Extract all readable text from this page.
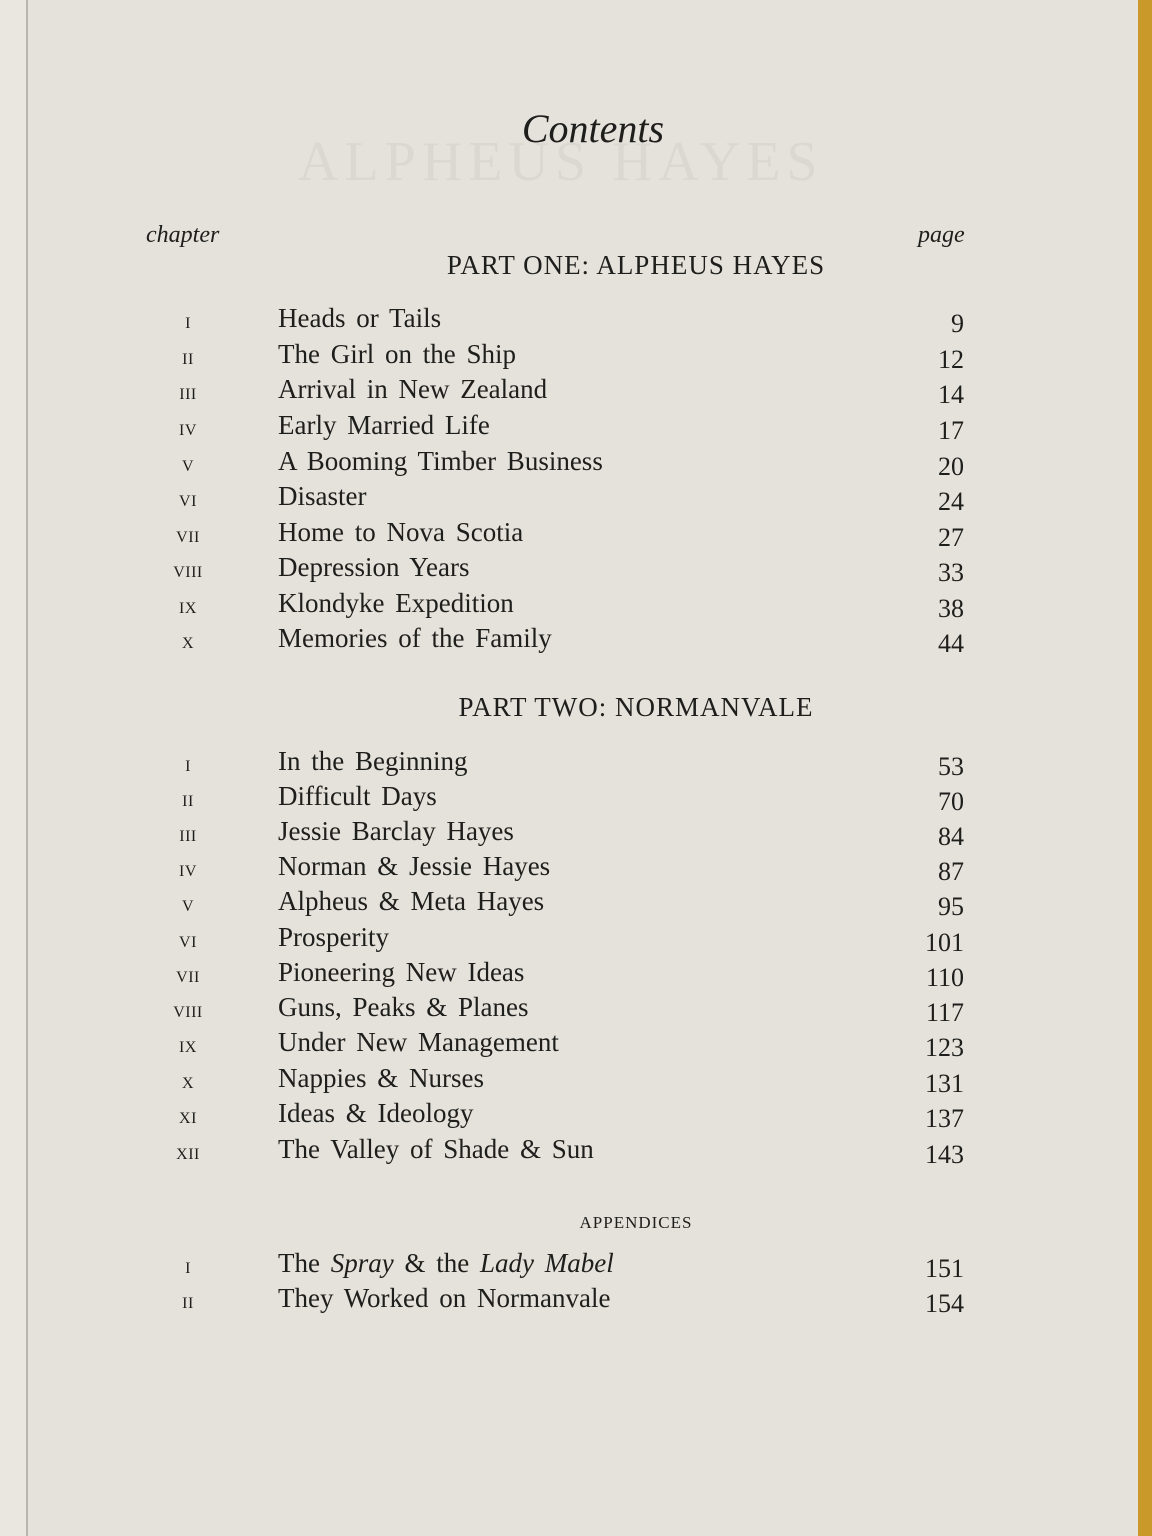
Contents
chapter	page
PART ONE: ALPHEUS HAYES
I	Heads or Tails	9
II	The Girl on the Ship	12
III	Arrival in New Zealand	14
IV	Early Married Life	17
V	A Booming Timber Business	20
VI	Disaster	24
VII	Home to Nova Scotia	27
VIII	Depression Years	33
IX	Klondyke Expedition	38
X	Memories of the Family	44
PART TWO: NORMANVALE
I	In the Beginning	53
II	Difficult Days	70
III	Jessie Barclay Hayes	84
IV	Norman & Jessie Hayes	87
V	Alpheus & Meta Hayes	95
VI	Prosperity	101
VII	Pioneering New Ideas	110
VIII	Guns, Peaks & Planes	117
IX	Under New Management	123
X	Nappies & Nurses	131
XI	Ideas & Ideology	137
XII	The Valley of Shade & Sun	143
APPENDICES
I	The Spray & the Lady Mabel	151
II	They Worked on Normanvale	154
